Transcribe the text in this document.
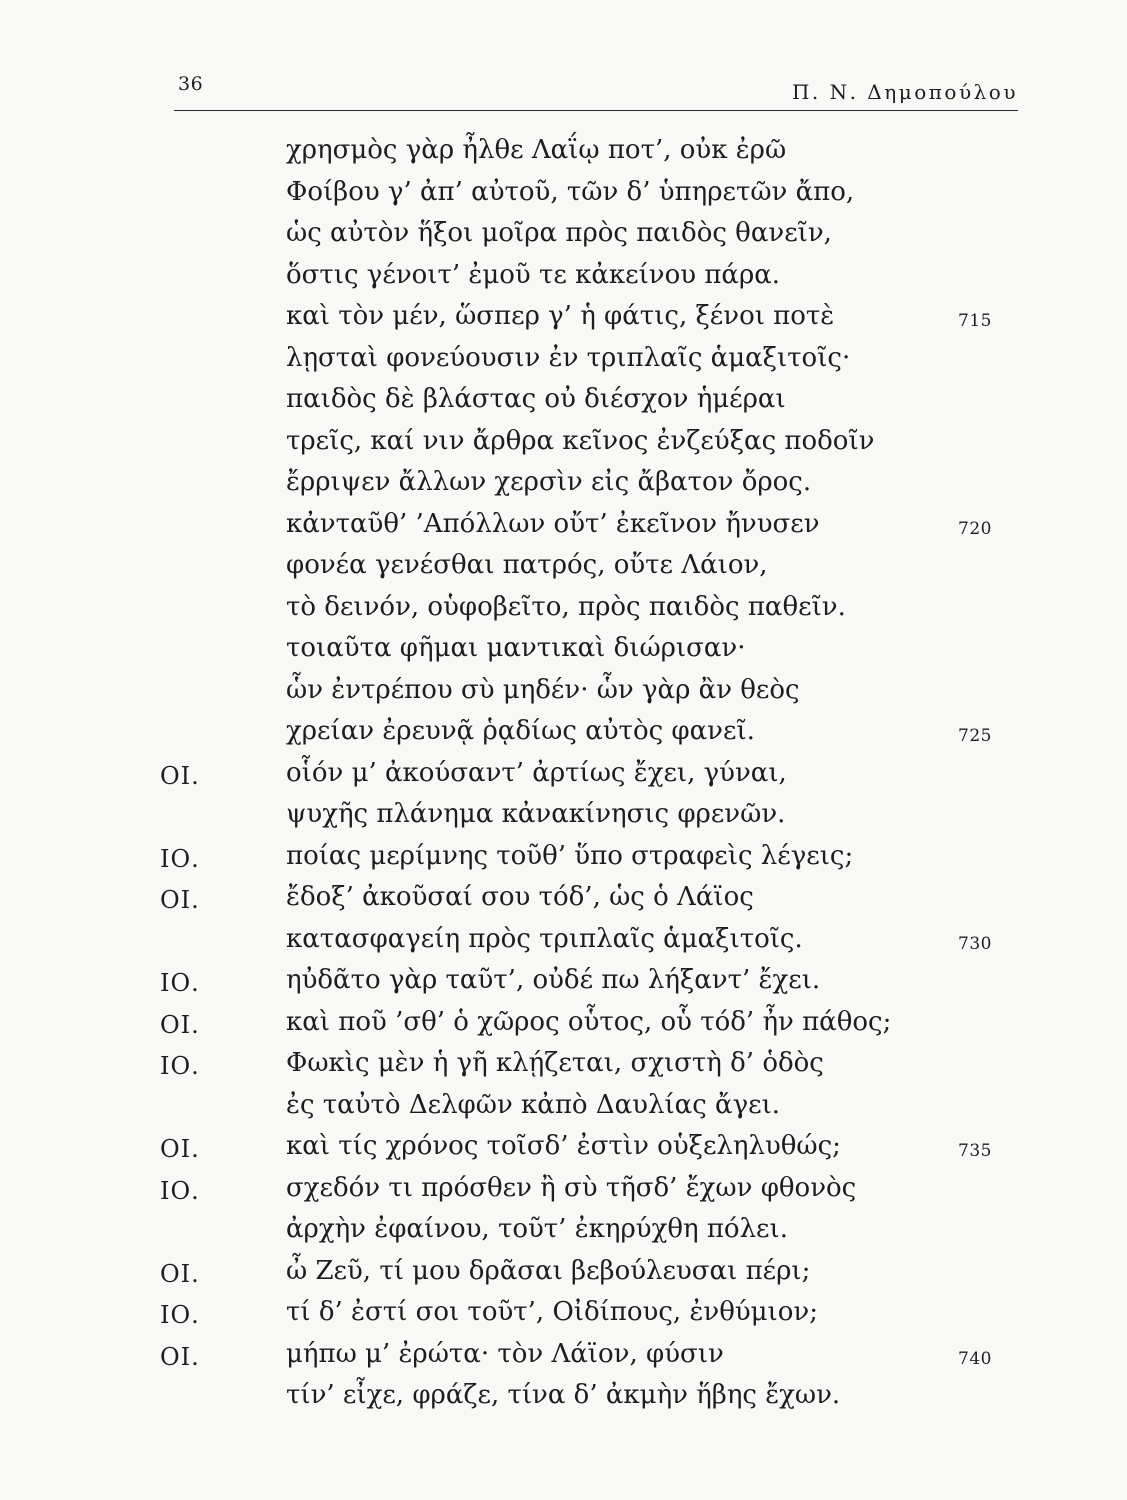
36	Π. Ν. Δημοπούλου
χρησμὸς γὰρ ἦλθε Λαΐῳ ποτ’, οὐκ ἐρῶ
Φοίβου γ’ ἀπ’ αὐτοῦ, τῶν δ’ ὑπηρετῶν ἄπο,
ὡς αὐτὸν ἥξοι μοῖρα πρὸς παιδὸς θανεῖν,
ὅστις γένοιτ’ ἐμοῦ τε κἀκείνου πάρα.
καὶ τὸν μέν, ὥσπερ γ’ ἡ φάτις, ξένοι ποτὲ	715
λῃσταὶ φονεύουσιν ἐν τριπλαῖς ἁμαξιτοῖς·
παιδὸς δὲ βλάστας οὐ διέσχον ἡμέραι
τρεῖς, καί νιν ἄρθρα κεῖνος ἐνζεύξας ποδοῖν
ἔρριψεν ἄλλων χερσὶν εἰς ἄβατον ὄρος.
κἀνταῦθ’ ’Απόλλων οὔτ’ ἐκεῖνον ἤνυσεν	720
φονέα γενέσθαι πατρός, οὔτε Λάιον,
τὸ δεινόν, οὑφοβεῖτο, πρὸς παιδὸς παθεῖν.
τοιαῦτα φῆμαι μαντικαὶ διώρισαν·
ὧν ἐντρέπου σὺ μηδέν· ὧν γὰρ ἂν θεὸς
χρείαν ἐρευνᾷ ῥᾳδίως αὐτὸς φανεῖ.	725
ΟΙ.	οἷόν μ’ ἀκούσαντ’ ἀρτίως ἔχει, γύναι,
ψυχῆς πλάνημα κἀνακίνησις φρενῶν.
ΙΟ.	ποίας μερίμνης τοῦθ’ ὕπο στραφεὶς λέγεις;
ΟΙ.	ἔδοξ’ ἀκοῦσαί σου τόδ’, ὡς ὁ Λάϊος
κατασφαγείη πρὸς τριπλαῖς ἁμαξιτοῖς.	730
ΙΟ.	ηὐδᾶτο γὰρ ταῦτ’, οὐδέ πω λήξαντ’ ἔχει.
ΟΙ.	καὶ ποῦ ’σθ’ ὁ χῶρος οὗτος, οὗ τόδ’ ἦν πάθος;
ΙΟ.	Φωκὶς μὲν ἡ γῆ κλῄζεται, σχιστὴ δ’ ὁδὸς
ἐς ταὐτὸ Δελφῶν κἀπὸ Δαυλίας ἄγει.
ΟΙ.	καὶ τίς χρόνος τοῖσδ’ ἐστὶν οὑξεληλυθώς;	735
ΙΟ.	σχεδόν τι πρόσθεν ἢ σὺ τῆσδ’ ἔχων φθονὸς
ἀρχὴν ἐφαίνου, τοῦτ’ ἐκηρύχθη πόλει.
ΟΙ.	ὦ Ζεῦ, τί μου δρᾶσαι βεβούλευσαι πέρι;
ΙΟ.	τί δ’ ἐστί σοι τοῦτ’, Οἰδίπους, ἐνθύμιον;
ΟΙ.	μήπω μ’ ἐρώτα· τὸν Λάϊον, φύσιν	740
τίν’ εἶχε, φράζε, τίνα δ’ ἀκμὴν ἥβης ἔχων.
